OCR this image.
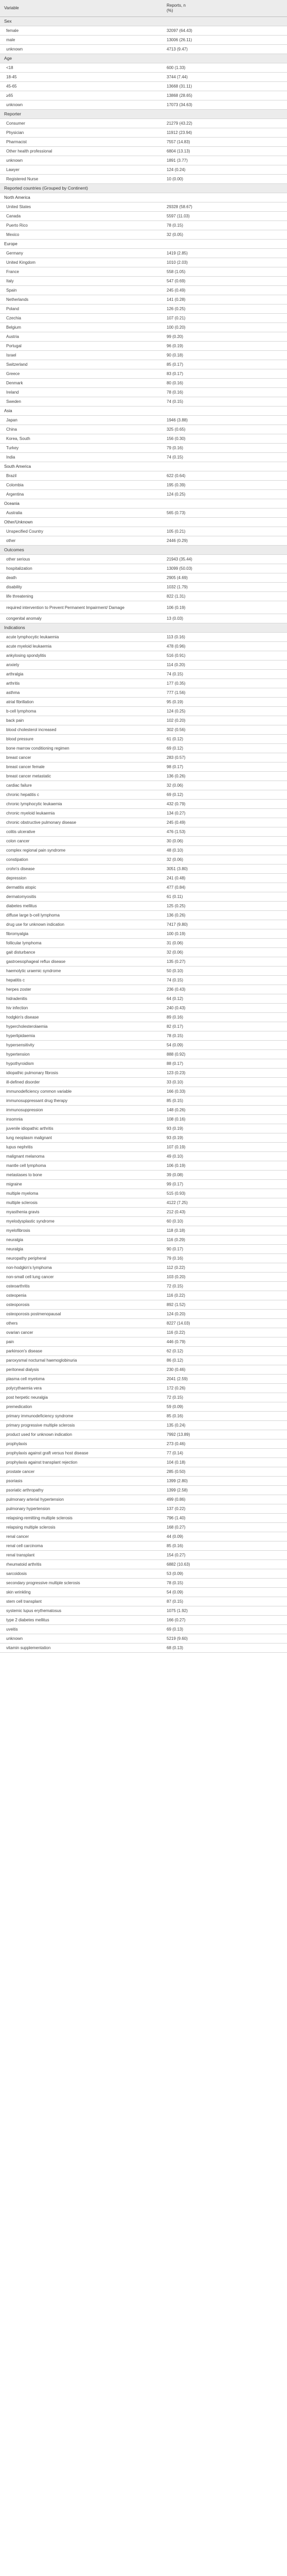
Variable	Reports, n (%)
Sex	
female	32097 (64.43)
male	13006 (26.11)
unknown	4713 (9.47)
Age	
<18	600 (1.33)
18-45	3744 (7.44)
45-65	13668 (31.11)
≥65	13868 (28.65)
unknown	17073 (34.63)
Reporter	
Consumer	21279 (43.22)
Physician	11912 (23.94)
Pharmacist	7557 (14.83)
Other health professional	6804 (13.13)
unknown	1891 (3.77)
Lawyer	124 (0.24)
Registered Nurse	10 (0.00)
Reported countries (Grouped by Continent)	
North America	
United States	29328 (58.67)
Canada	5597 (11.03)
Puerto Rico	78 (0.15)
Mexico	32 (0.05)
Europe	
Germany	1419 (2.85)
United Kingdom	1010 (2.03)
France	558 (1.05)
Italy	547 (0.69)
Spain	245 (0.49)
Netherlands	141 (0.28)
Poland	126 (0.25)
Czechia	107 (0.21)
Belgium	100 (0.20)
Austria	99 (0.20)
Portugal	96 (0.19)
Israel	90 (0.18)
Switzerland	85 (0.17)
Greece	83 (0.17)
Denmark	80 (0.16)
Ireland	78 (0.16)
Sweden	74 (0.15)
Asia	
Japan	1946 (3.88)
China	325 (0.65)
Korea, South	156 (0.30)
Turkey	79 (0.16)
India	74 (0.15)
South America	
Brazil	622 (0.64)
Colombia	195 (0.39)
Argentina	124 (0.25)
Oceania	
Australia	565 (0.73)
Other/Unknown	
Unspecified Country	105 (0.21)
other	2446 (0.29)
Outcomes	
other serious	21943 (35.44)
hospitalization	13099 (50.03)
death	2905 (4.69)
disability	1032 (1.79)
life threatening	822 (1.31)
required intervention to Prevent Permanent Impairment/ Damage	106 (0.19)
congenital anomaly	13 (0.03)
Indications	
acute lymphocytic leukaemia	113 (0.16)
acute myeloid leukaemia	478 (0.96)
ankylosing spondylitis	516 (0.91)
anxiety	114 (0.20)
arthralgia	74 (0.15)
arthritis	177 (0.35)
asthma	777 (1.56)
atrial fibrillation	95 (0.19)
b-cell lymphoma	124 (0.25)
back pain	102 (0.20)
blood cholesterol increased	302 (0.56)
blood pressure	61 (0.12)
bone marrow conditioning regimen	69 (0.12)
breast cancer	283 (0.57)
breast cancer female	98 (0.17)
breast cancer metastatic	136 (0.26)
cardiac failure	32 (0.06)
chronic hepatitis c	69 (0.12)
chronic lymphocytic leukaemia	432 (0.79)
chronic myeloid leukaemia	134 (0.27)
chronic obstructive pulmonary disease	245 (0.49)
colitis ulcerative	476 (1.53)
colon cancer	30 (0.06)
complex regional pain syndrome	48 (0.10)
constipation	32 (0.06)
crohn's disease	3051 (3.80)
depression	241 (0.48)
dermatitis atopic	477 (0.84)
dermatomyositis	61 (0.11)
diabetes mellitus	125 (0.25)
diffuse large b-cell lymphoma	136 (0.26)
drug use for unknown indication	7417 (9.80)
fibromyalgia	100 (0.19)
follicular lymphoma	31 (0.06)
gait disturbance	32 (0.06)
gastroesophageal reflux disease	135 (0.27)
haemolytic uraemic syndrome	50 (0.10)
hepatitis c	74 (0.15)
herpes zoster	236 (0.43)
hidradenitis	64 (0.12)
hiv infection	240 (0.43)
hodgkin's disease	89 (0.16)
hypercholesterolaemia	82 (0.17)
hyperlipidaemia	78 (0.15)
hypersensitivity	54 (0.09)
hypertension	888 (0.92)
hypothyroidism	88 (0.17)
idiopathic pulmonary fibrosis	123 (0.23)
ill-defined disorder	33 (0.10)
immunodeficiency common variable	166 (0.33)
immunosuppressant drug therapy	85 (0.15)
immunosuppression	148 (0.26)
insomnia	108 (0.16)
juvenile idiopathic arthritis	93 (0.19)
lung neoplasm malignant	93 (0.19)
lupus nephritis	107 (0.19)
malignant melanoma	49 (0.10)
mantle cell lymphoma	106 (0.19)
metastases to bone	39 (0.08)
migraine	99 (0.17)
multiple myeloma	515 (0.93)
multiple sclerosis	4122 (7.25)
myasthenia gravis	212 (0.43)
myelodysplastic syndrome	60 (0.10)
myelofibrosis	118 (0.18)
neuralgia	116 (0.29)
neuralgia	90 (0.17)
neuropathy peripheral	79 (0.16)
non-hodgkin's lymphoma	112 (0.22)
non-small cell lung cancer	103 (0.20)
osteoarthritis	72 (0.15)
osteopenia	116 (0.22)
osteoporosis	892 (1.52)
osteoporosis postmenopausal	124 (0.20)
others	8227 (14.03)
ovarian cancer	116 (0.22)
pain	446 (0.79)
parkinson's disease	62 (0.12)
paroxysmal nocturnal haemoglobinuria	86 (0.12)
peritoneal dialysis	230 (0.46)
plasma cell myeloma	2041 (2.59)
polycythaemia vera	172 (0.26)
post herpetic neuralgia	72 (0.15)
premedication	59 (0.09)
primary immunodeficiency syndrome	85 (0.16)
primary progressive multiple sclerosis	135 (0.24)
product used for unknown indication	7992 (13.89)
prophylaxis	273 (0.46)
prophylaxis against graft versus host disease	77 (0.14)
prophylaxis against transplant rejection	104 (0.18)
prostate cancer	285 (0.50)
psoriasis	1399 (2.80)
psoriatic arthropathy	1399 (2.58)
pulmonary arterial hypertension	499 (0.86)
pulmonary hypertension	137 (0.22)
relapsing-remitting multiple sclerosis	796 (1.40)
relapsing multiple sclerosis	168 (0.27)
renal cancer	44 (0.09)
renal cell carcinoma	85 (0.16)
renal transplant	154 (0.27)
rheumatoid arthritis	6882 (10.63)
sarcoidosis	53 (0.09)
secondary progressive multiple sclerosis	78 (0.15)
skin wrinkling	54 (0.09)
stem cell transplant	87 (0.15)
systemic lupus erythematosus	1075 (1.92)
type 2 diabetes mellitus	166 (0.27)
uveitis	69 (0.13)
unknown	5219 (9.60)
vitamin supplementation	68 (0.13)
